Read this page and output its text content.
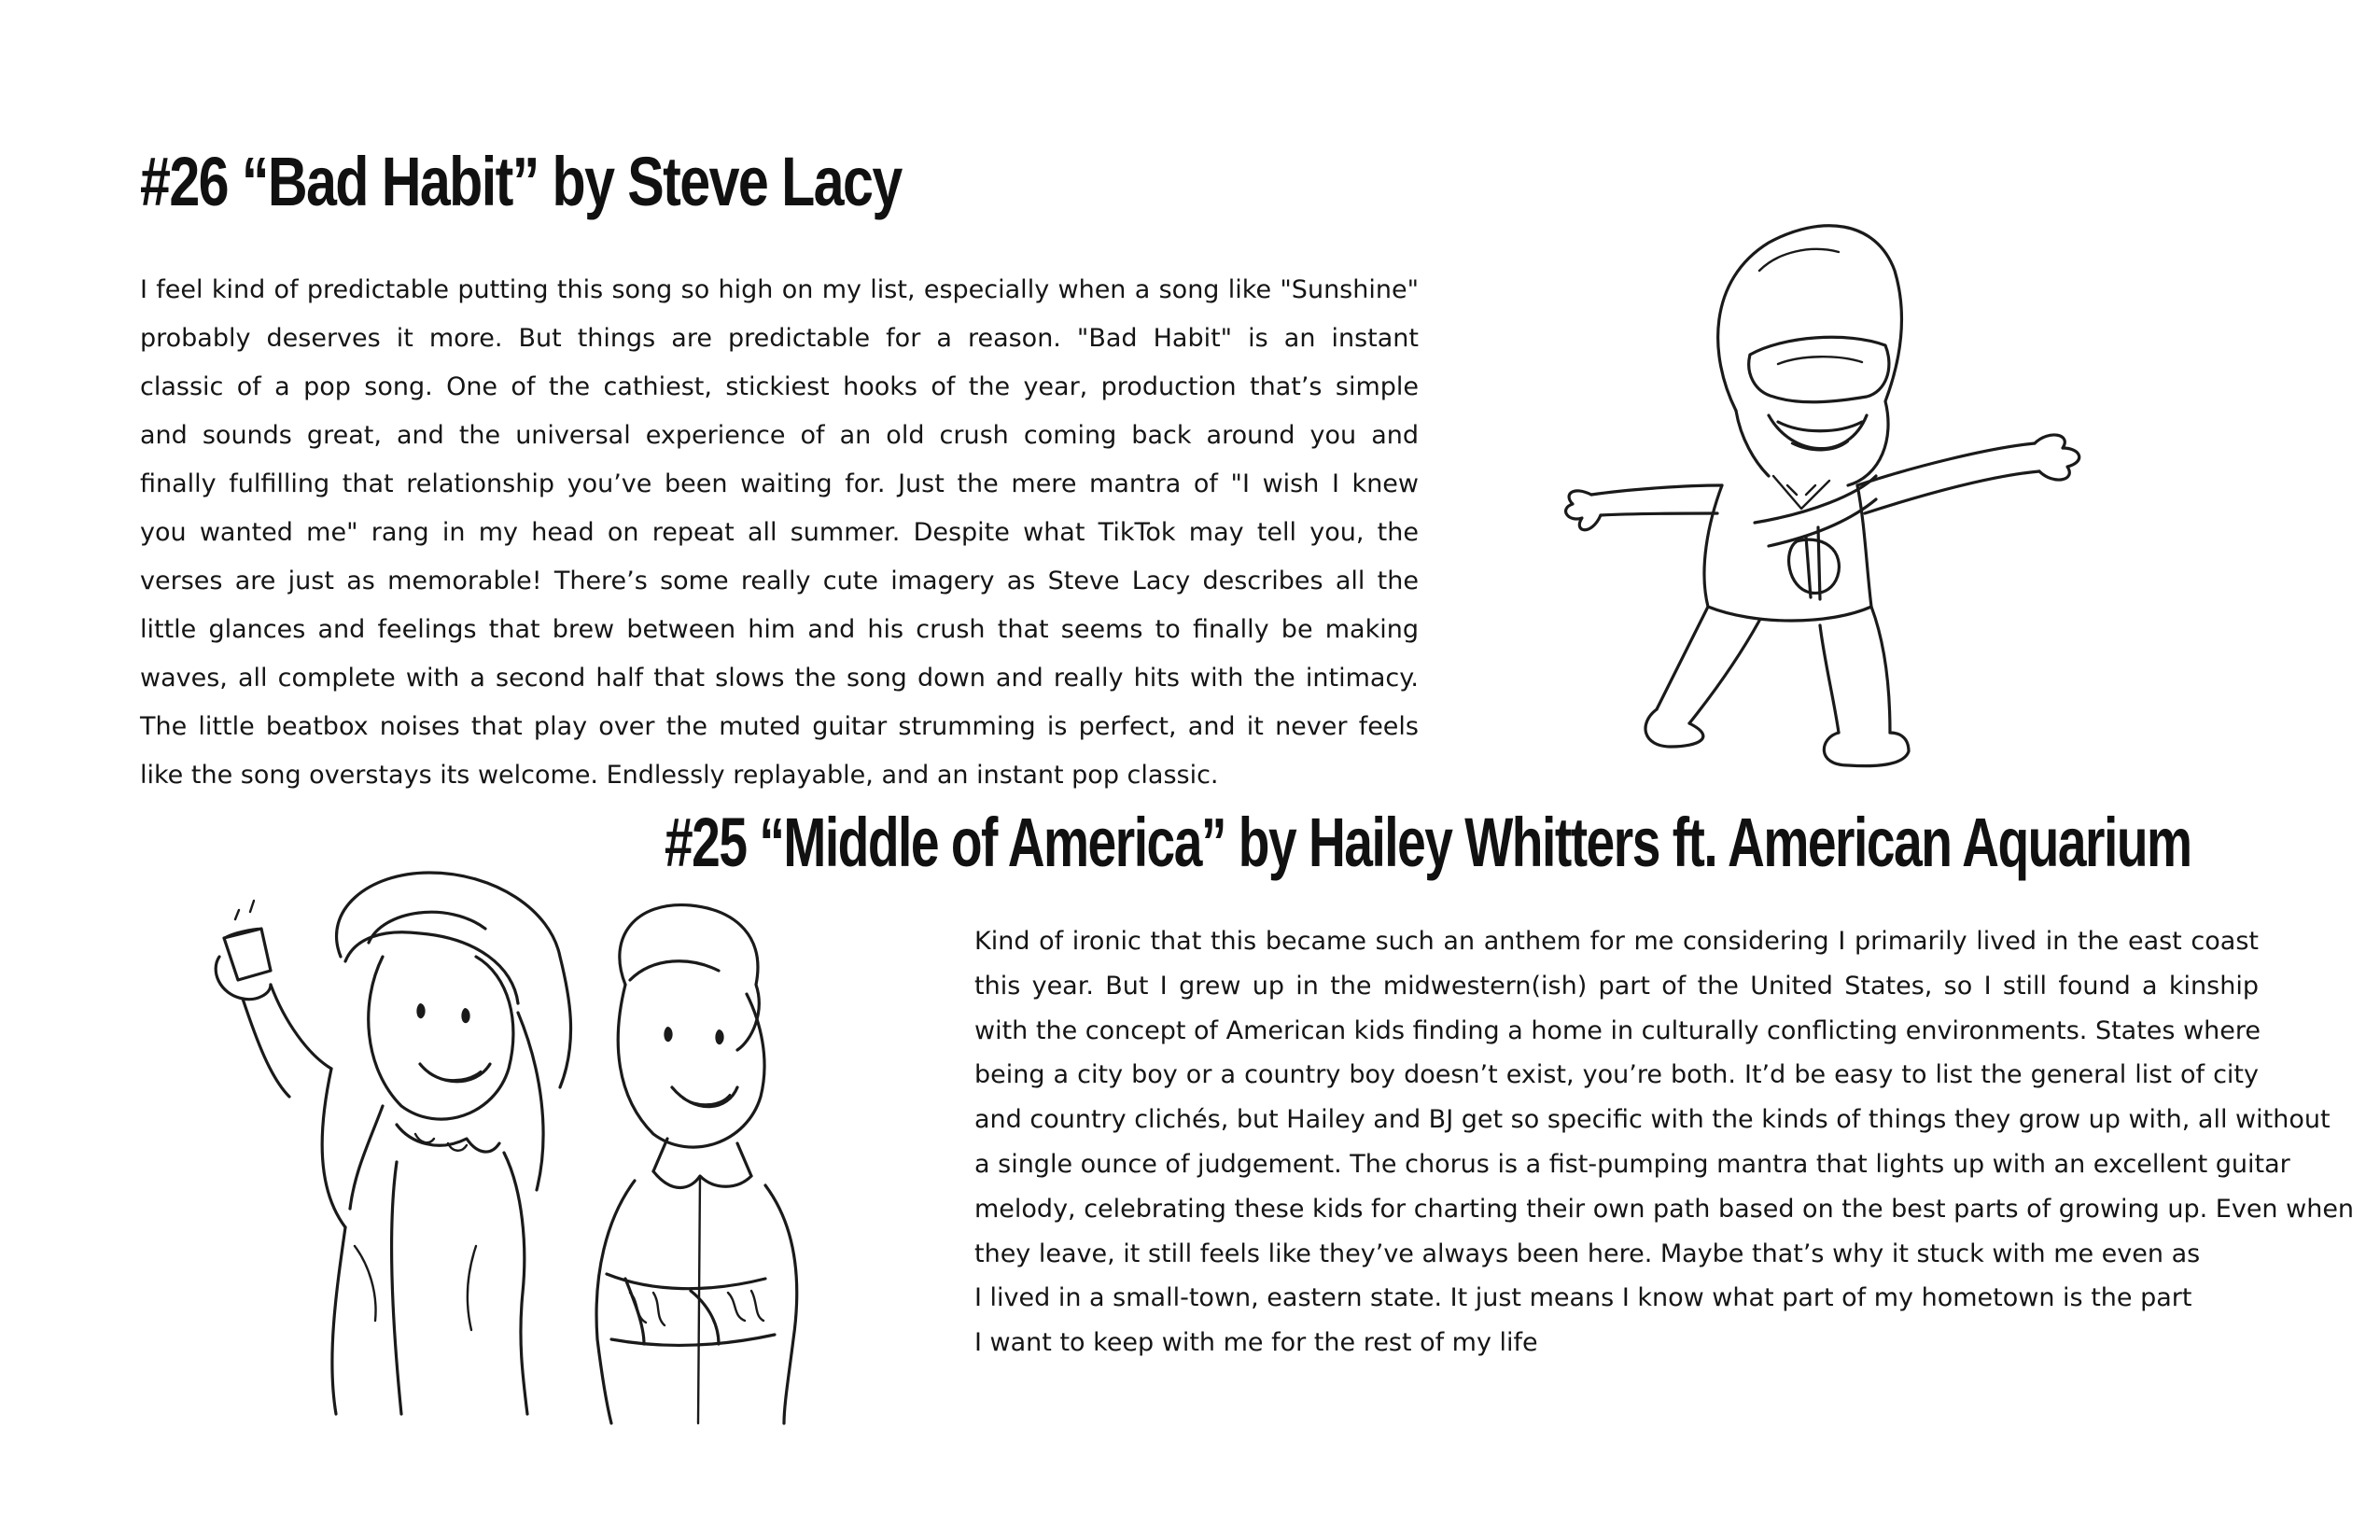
#26 “Bad Habit” by Steve Lacy
I feel kind of predictable putting this song so high on my list, especially when a song like "Sunshine"
probably deserves it more. But things are predictable for a reason. "Bad Habit" is an instant
classic of a pop song. One of the cathiest, stickiest hooks of the year, production that’s simple
and sounds great, and the universal experience of an old crush coming back around you and
finally fulfilling that relationship you’ve been waiting for. Just the mere mantra of "I wish I knew
you wanted me" rang in my head on repeat all summer. Despite what TikTok may tell you, the
verses are just as memorable! There’s some really cute imagery as Steve Lacy describes all the
little glances and feelings that brew between him and his crush that seems to finally be making
waves, all complete with a second half that slows the song down and really hits with the intimacy.
The little beatbox noises that play over the muted guitar strumming is perfect, and it never feels
like the song overstays its welcome. Endlessly replayable, and an instant pop classic.
#25 “Middle of America” by Hailey Whitters ft. American Aquarium
Kind of ironic that this became such an anthem for me considering I primarily lived in the east coast
this year. But I grew up in the midwestern(ish) part of the United States, so I still found a kinship
with the concept of American kids finding a home in culturally conflicting environments. States where
being a city boy or a country boy doesn’t exist, you’re both. It’d be easy to list the general list of city
and country clichés, but Hailey and BJ get so specific with the kinds of things they grow up with, all without
a single ounce of judgement. The chorus is a fist-pumping mantra that lights up with an excellent guitar
melody, celebrating these kids for charting their own path based on the best parts of growing up. Even when
they leave, it still feels like they’ve always been here. Maybe that’s why it stuck with me even as
I lived in a small-town, eastern state. It just means I know what part of my hometown is the part
I want to keep with me for the rest of my life
